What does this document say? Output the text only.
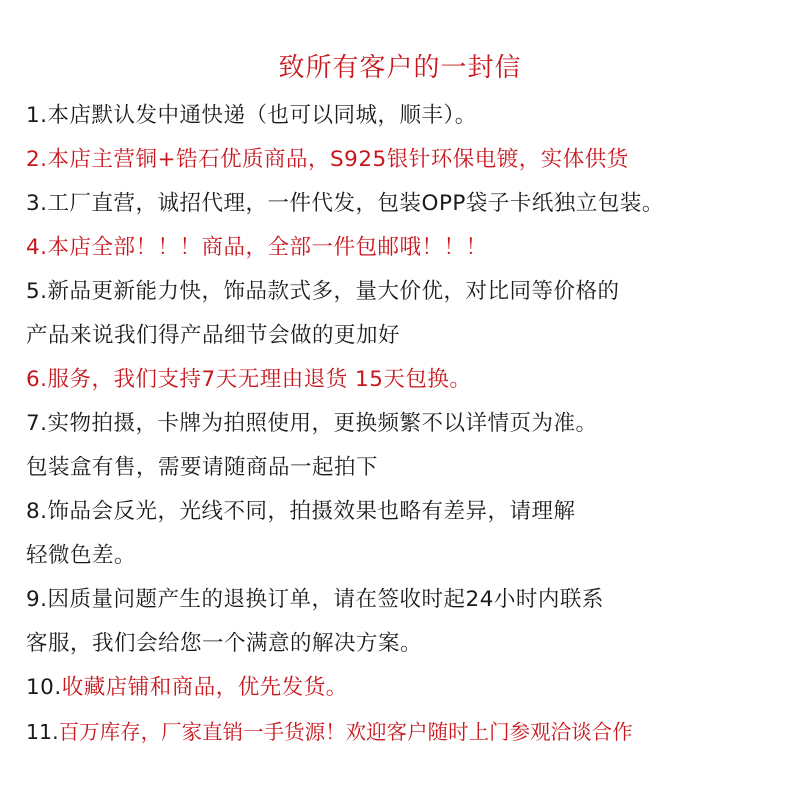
致所有客户的一封信
1.本店默认发中通快递（也可以同城，顺丰）。
2.本店主营铜+锆石优质商品，S925银针环保电镀，实体供货
3.工厂直营，诚招代理，一件代发，包装OPP袋子卡纸独立包装。
4.本店全部！！！商品，全部一件包邮哦！！！
5.新品更新能力快，饰品款式多，量大价优，对比同等价格的
产品来说我们得产品细节会做的更加好
6.服务，我们支持7天无理由退货 15天包换。
7.实物拍摄，卡牌为拍照使用，更换频繁不以详情页为准。
包装盒有售，需要请随商品一起拍下
8.饰品会反光，光线不同，拍摄效果也略有差异，请理解
轻微色差。
9.因质量问题产生的退换订单，请在签收时起24小时内联系
客服，我们会给您一个满意的解决方案。
10.收藏店铺和商品，优先发货。
11.百万库存，厂家直销一手货源！欢迎客户随时上门参观洽谈合作
